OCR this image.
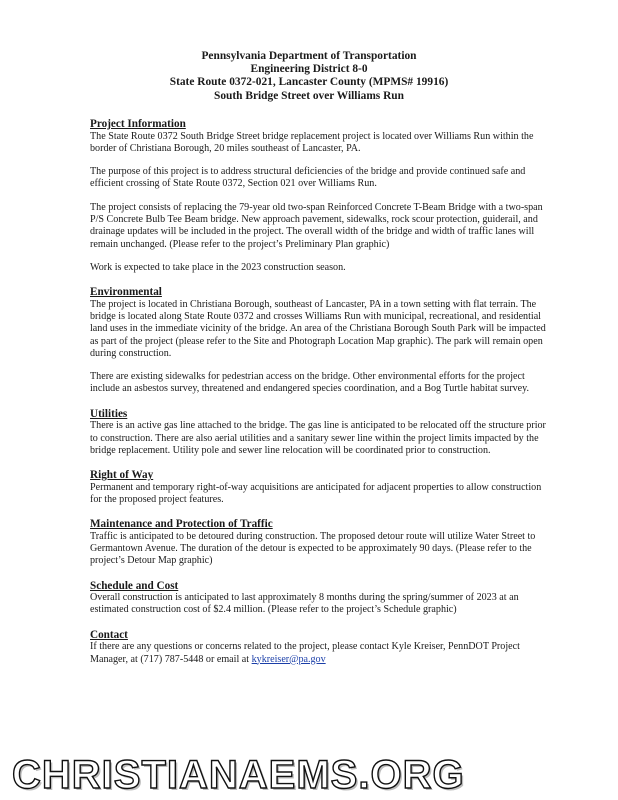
Pennsylvania Department of Transportation
Engineering District 8-0
State Route 0372-021, Lancaster County (MPMS# 19916)
South Bridge Street over Williams Run

Project Information

The State Route 0372 South Bridge Street bridge replacement project is located over Williams Run within the border of Christiana Borough, 20 miles southeast of Lancaster, PA.

The purpose of this project is to address structural deficiencies of the bridge and provide continued safe and efficient crossing of State Route 0372, Section 021 over Williams Run.

The project consists of replacing the 79-year old two-span Reinforced Concrete T-Beam Bridge with a two-span P/S Concrete Bulb Tee Beam bridge. New approach pavement, sidewalks, rock scour protection, guiderail, and drainage updates will be included in the project. The overall width of the bridge and width of traffic lanes will remain unchanged. (Please refer to the project’s Preliminary Plan graphic)

Work is expected to take place in the 2023 construction season.

Environmental

The project is located in Christiana Borough, southeast of Lancaster, PA in a town setting with flat terrain. The bridge is located along State Route 0372 and crosses Williams Run with municipal, recreational, and residential land uses in the immediate vicinity of the bridge. An area of the Christiana Borough South Park will be impacted as part of the project (please refer to the Site and Photograph Location Map graphic). The park will remain open during construction.

There are existing sidewalks for pedestrian access on the bridge. Other environmental efforts for the project include an asbestos survey, threatened and endangered species coordination, and a Bog Turtle habitat survey.

Utilities

There is an active gas line attached to the bridge. The gas line is anticipated to be relocated off the structure prior to construction. There are also aerial utilities and a sanitary sewer line within the project limits impacted by the bridge replacement. Utility pole and sewer line relocation will be coordinated prior to construction.

Right of Way

Permanent and temporary right-of-way acquisitions are anticipated for adjacent properties to allow construction for the proposed project features.

Maintenance and Protection of Traffic

Traffic is anticipated to be detoured during construction. The proposed detour route will utilize Water Street to Germantown Avenue. The duration of the detour is expected to be approximately 90 days. (Please refer to the project’s Detour Map graphic)

Schedule and Cost

Overall construction is anticipated to last approximately 8 months during the spring/summer of 2023 at an estimated construction cost of $2.4 million. (Please refer to the project’s Schedule graphic)

Contact

If there are any questions or concerns related to the project, please contact Kyle Kreiser, PennDOT Project Manager, at (717) 787-5448 or email at kykreiser@pa.gov

CHRISTIANAEMS.ORG
